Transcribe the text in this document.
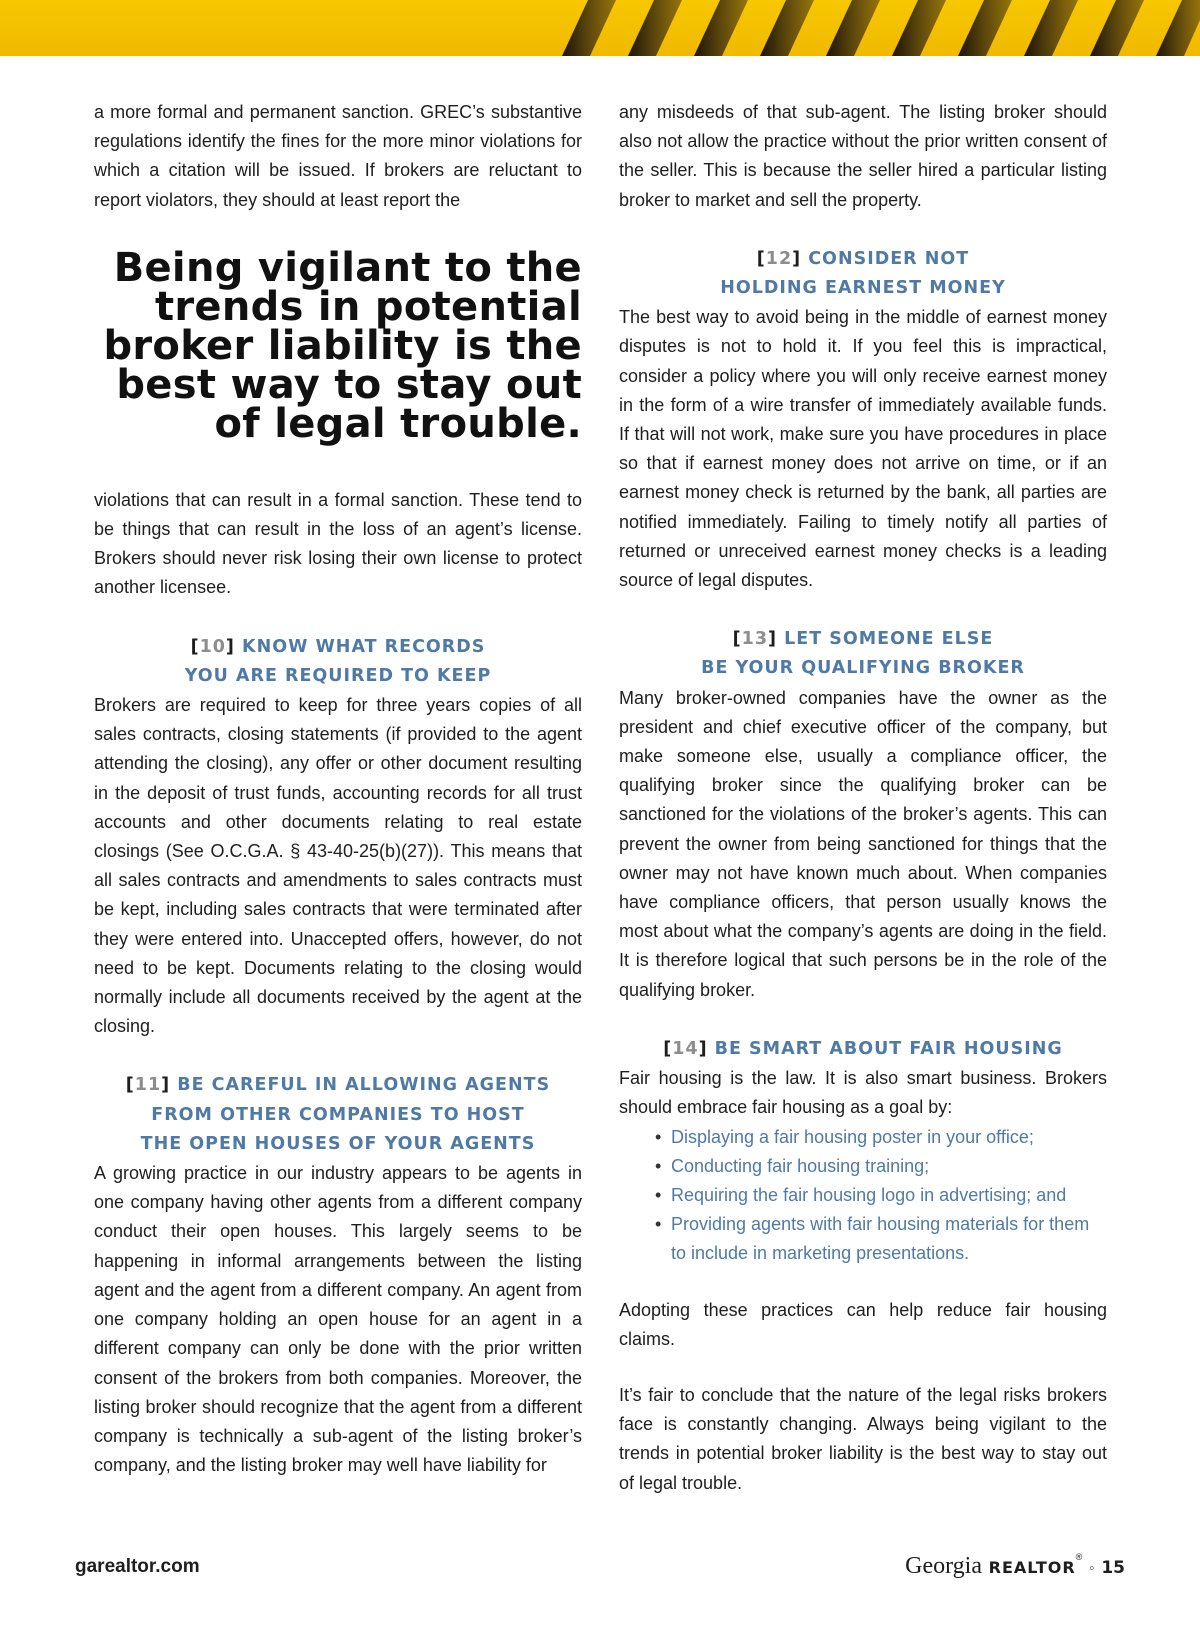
a more formal and permanent sanction. GREC’s substantive regulations identify the fines for the more minor violations for which a citation will be issued. If brokers are reluctant to report violators, they should at least report the

Being vigilant to the trends in potential broker liability is the best way to stay out of legal trouble.

violations that can result in a formal sanction. These tend to be things that can result in the loss of an agent’s license. Brokers should never risk losing their own license to protect another licensee.

[10] KNOW WHAT RECORDS
YOU ARE REQUIRED TO KEEP

Brokers are required to keep for three years copies of all sales contracts, closing statements (if provided to the agent attending the closing), any offer or other document resulting in the deposit of trust funds, accounting records for all trust accounts and other documents relating to real estate closings (See O.C.G.A. § 43-40-25(b)(27)). This means that all sales contracts and amendments to sales contracts must be kept, including sales contracts that were terminated after they were entered into. Unaccepted offers, however, do not need to be kept. Documents relating to the closing would normally include all documents received by the agent at the closing.

[11] BE CAREFUL IN ALLOWING AGENTS
FROM OTHER COMPANIES TO HOST
THE OPEN HOUSES OF YOUR AGENTS

A growing practice in our industry appears to be agents in one company having other agents from a different company conduct their open houses. This largely seems to be happening in informal arrangements between the listing agent and the agent from a different company. An agent from one company holding an open house for an agent in a different company can only be done with the prior written consent of the brokers from both companies. Moreover, the listing broker should recognize that the agent from a different company is technically a sub-agent of the listing broker’s company, and the listing broker may well have liability for

any misdeeds of that sub-agent. The listing broker should also not allow the practice without the prior written consent of the seller. This is because the seller hired a particular listing broker to market and sell the property.

[12] CONSIDER NOT
HOLDING EARNEST MONEY

The best way to avoid being in the middle of earnest money disputes is not to hold it. If you feel this is impractical, consider a policy where you will only receive earnest money in the form of a wire transfer of immediately available funds. If that will not work, make sure you have procedures in place so that if earnest money does not arrive on time, or if an earnest money check is returned by the bank, all parties are notified immediately. Failing to timely notify all parties of returned or unreceived earnest money checks is a leading source of legal disputes.

[13] LET SOMEONE ELSE
BE YOUR QUALIFYING BROKER

Many broker-owned companies have the owner as the president and chief executive officer of the company, but make someone else, usually a compliance officer, the qualifying broker since the qualifying broker can be sanctioned for the violations of the broker’s agents. This can prevent the owner from being sanctioned for things that the owner may not have known much about. When companies have compliance officers, that person usually knows the most about what the company’s agents are doing in the field. It is therefore logical that such persons be in the role of the qualifying broker.

[14] BE SMART ABOUT FAIR HOUSING

Fair housing is the law. It is also smart business. Brokers should embrace fair housing as a goal by:

• Displaying a fair housing poster in your office;
• Conducting fair housing training;
• Requiring the fair housing logo in advertising; and
• Providing agents with fair housing materials for them to include in marketing presentations.

Adopting these practices can help reduce fair housing claims.

It’s fair to conclude that the nature of the legal risks brokers face is constantly changing. Always being vigilant to the trends in potential broker liability is the best way to stay out of legal trouble.

garealtor.com	Georgia REALTOR® ◦ 15
